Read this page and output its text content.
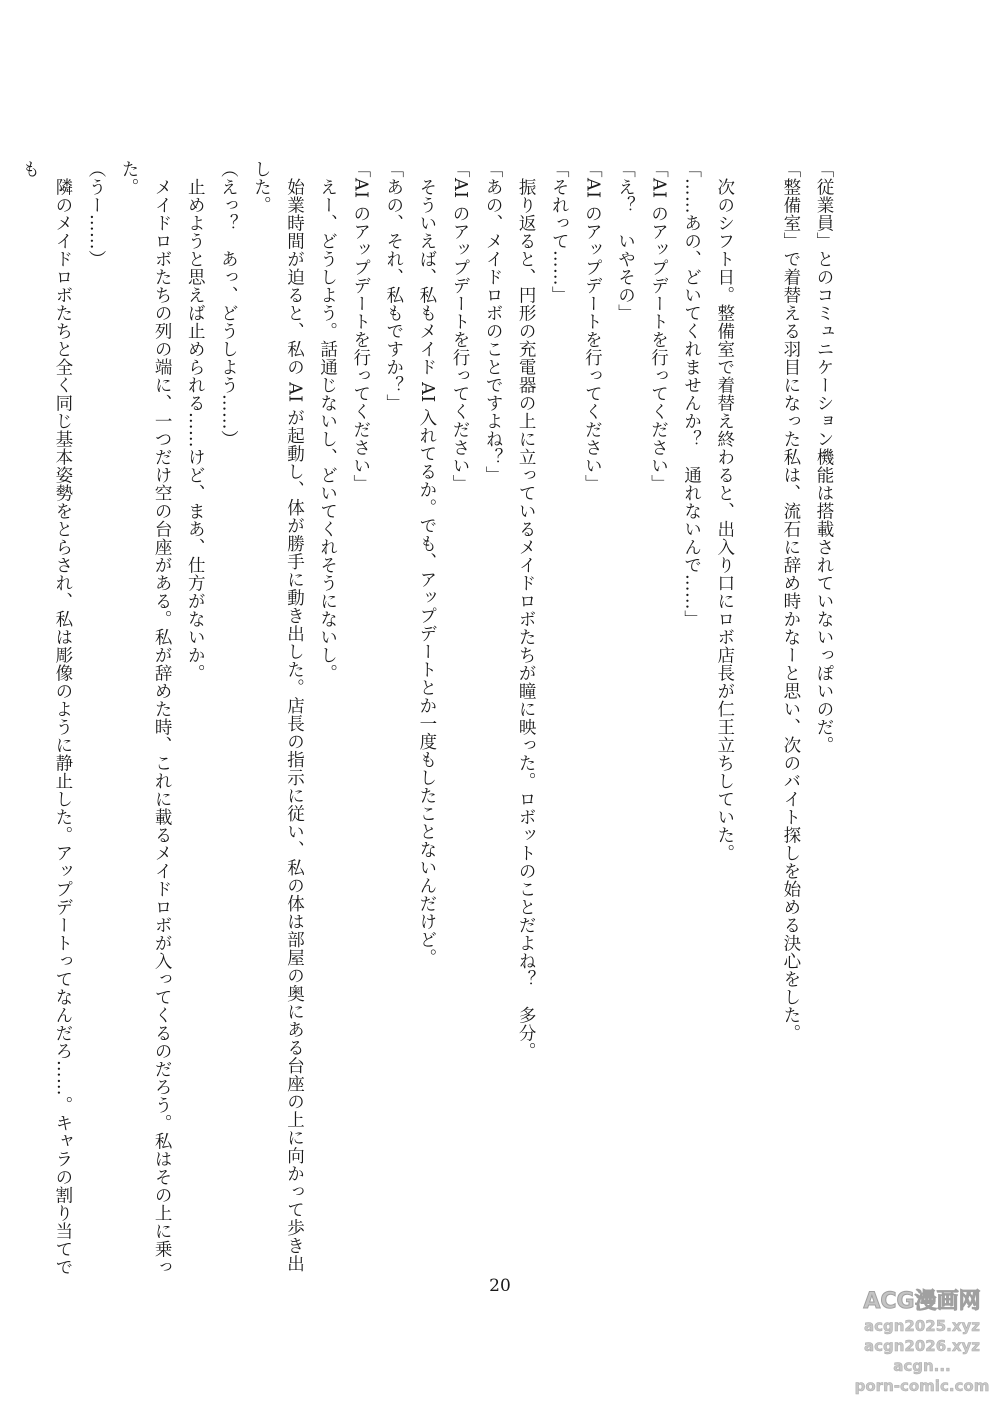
「従業員」とのコミュニケーション機能は搭載されていないっぽいのだ。

「整備室」で着替える羽目になった私は、流石に辞め時かなーと思い、次のバイト探しを始める決心をした。

次のシフト日。整備室で着替え終わると、出入り口にロボ店長が仁王立ちしていた。

「……あの、どいてくれませんか？　通れないんで……」

「AI のアップデートを行ってください」

「え？　いやその」

「AI のアップデートを行ってください」

「それって……」

振り返ると、円形の充電器の上に立っているメイドロボたちが瞳に映った。ロボットのことだよね？　多分。

「あの、メイドロボのことですよね？」

「AI のアップデートを行ってください」

そういえば、私もメイド AI 入れてるか。でも、アップデートとか一度もしたことないんだけど。

「あの、それ、私もですか？」

「AI のアップデートを行ってください」

えー、どうしよう。話通じないし、どいてくれそうにないし。

始業時間が迫ると、私の AI が起動し、体が勝手に動き出した。店長の指示に従い、私の体は部屋の奥にある台座の上に向かって歩き出した。

（えっ？　あっ、どうしよう……）

止めようと思えば止められる……けど、まあ、仕方がないか。

メイドロボたちの列の端に、一つだけ空の台座がある。私が辞めた時、これに載るメイドロボが入ってくるのだろう。私はその上に乗った。

（うー……）

隣のメイドロボたちと全く同じ基本姿勢をとらされ、私は彫像のように静止した。アップデートってなんだろ……。キャラの割り当てでも

20
ACG漫画网
acgn2025.xyz
acgn2026.xyz
acgn...
porn-comic.com
